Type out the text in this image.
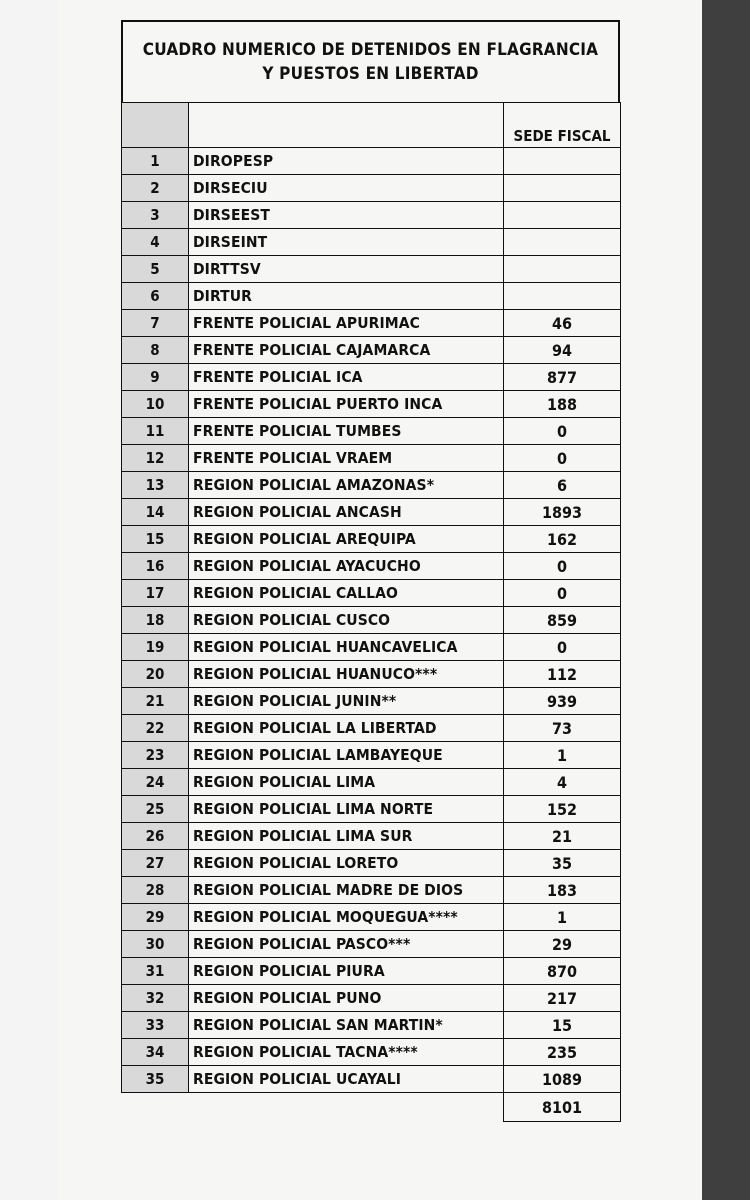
CUADRO NUMERICO DE DETENIDOS EN FLAGRANCIA
Y PUESTOS EN LIBERTAD
		SEDE FISCAL
1	DIROPESP	
2	DIRSECIU	
3	DIRSEEST	
4	DIRSEINT	
5	DIRTTSV	
6	DIRTUR	
7	FRENTE POLICIAL APURIMAC	46
8	FRENTE POLICIAL CAJAMARCA	94
9	FRENTE POLICIAL ICA	877
10	FRENTE POLICIAL PUERTO INCA	188
11	FRENTE POLICIAL TUMBES	0
12	FRENTE POLICIAL VRAEM	0
13	REGION POLICIAL AMAZONAS*	6
14	REGION POLICIAL ANCASH	1893
15	REGION POLICIAL AREQUIPA	162
16	REGION POLICIAL AYACUCHO	0
17	REGION POLICIAL CALLAO	0
18	REGION POLICIAL CUSCO	859
19	REGION POLICIAL HUANCAVELICA	0
20	REGION POLICIAL HUANUCO***	112
21	REGION POLICIAL JUNIN**	939
22	REGION POLICIAL LA LIBERTAD	73
23	REGION POLICIAL LAMBAYEQUE	1
24	REGION POLICIAL LIMA	4
25	REGION POLICIAL LIMA NORTE	152
26	REGION POLICIAL LIMA SUR	21
27	REGION POLICIAL LORETO	35
28	REGION POLICIAL MADRE DE DIOS	183
29	REGION POLICIAL MOQUEGUA****	1
30	REGION POLICIAL PASCO***	29
31	REGION POLICIAL PIURA	870
32	REGION POLICIAL PUNO	217
33	REGION POLICIAL SAN MARTIN*	15
34	REGION POLICIAL TACNA****	235
35	REGION POLICIAL UCAYALI	1089
		8101
